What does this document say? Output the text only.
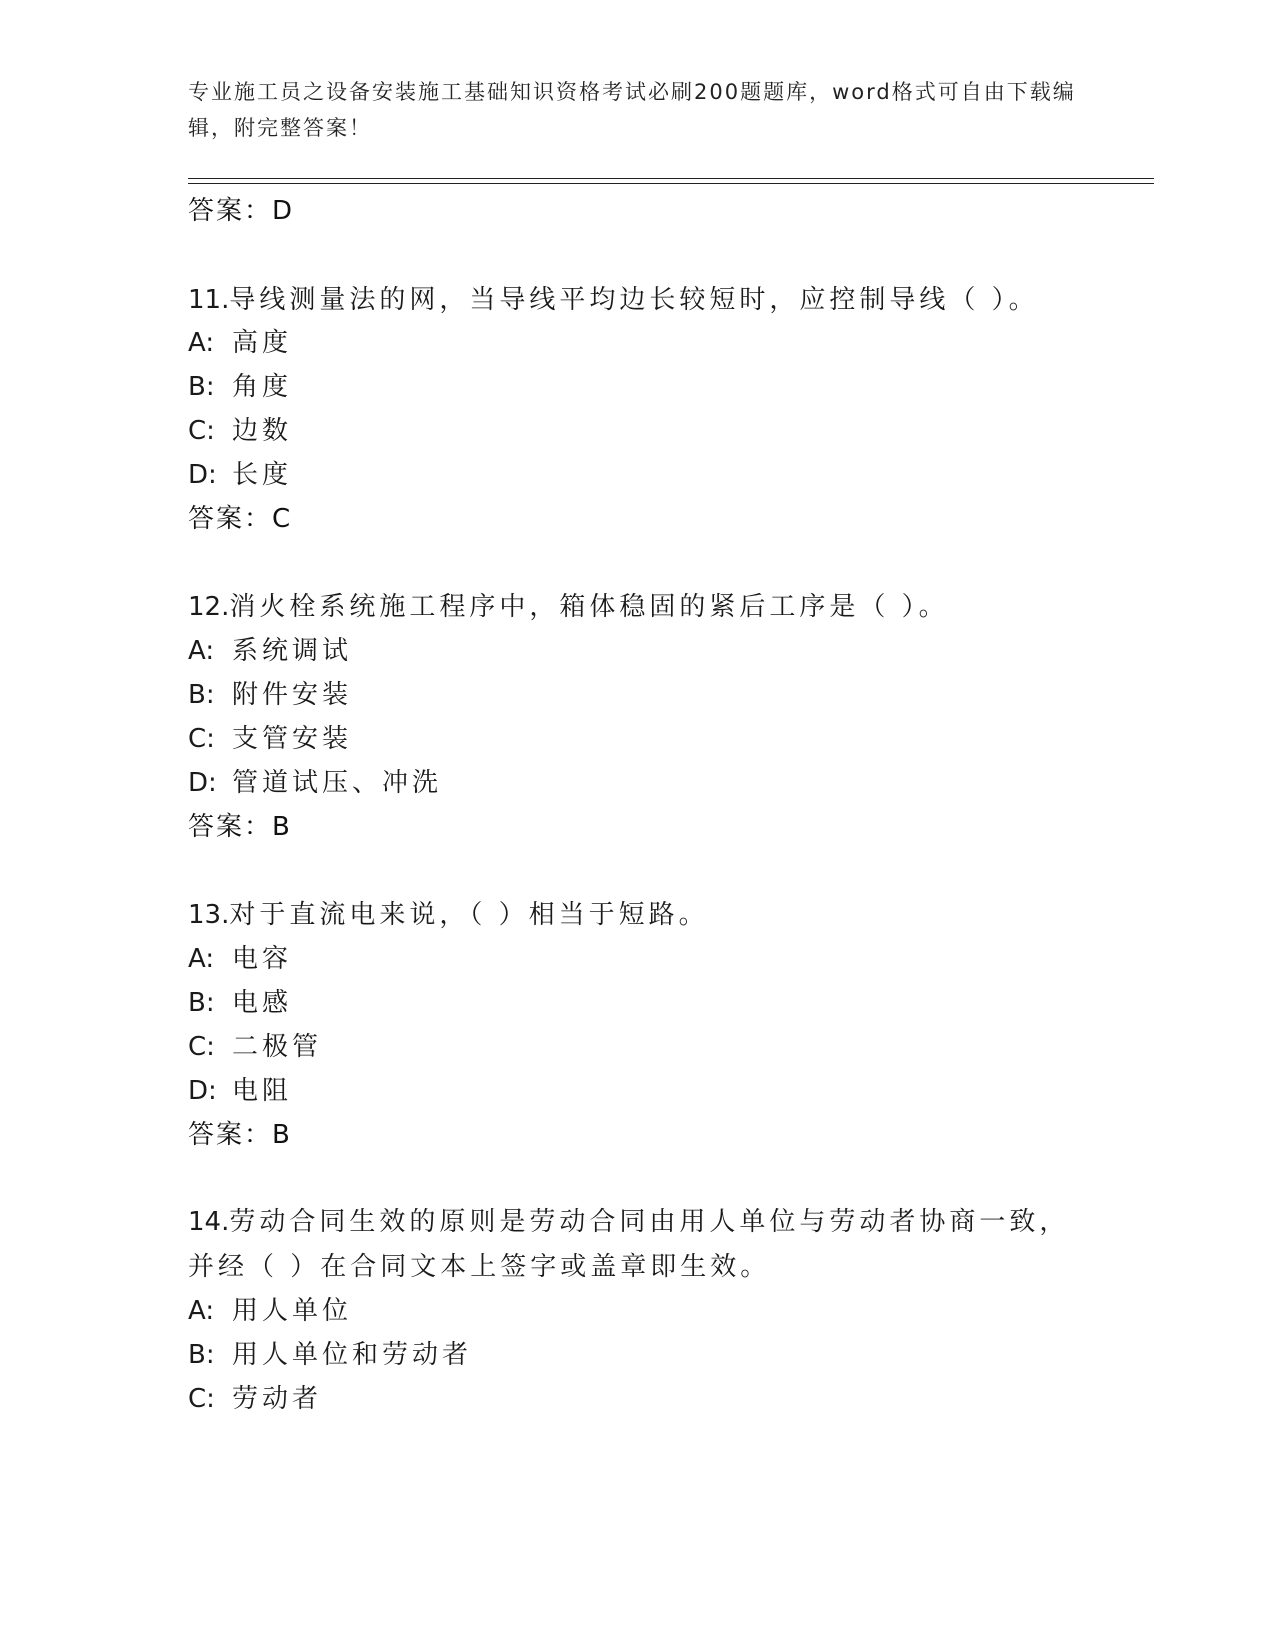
专业施工员之设备安装施工基础知识资格考试必刷200题题库，word格式可自由下载编辑，附完整答案！
答案：D
11.导线测量法的网，当导线平均边长较短时，应控制导线（ ）。
A: 高度
B: 角度
C: 边数
D: 长度
答案：C
12.消火栓系统施工程序中，箱体稳固的紧后工序是（ ）。
A: 系统调试
B: 附件安装
C: 支管安装
D: 管道试压、冲洗
答案：B
13.对于直流电来说，（ ）相当于短路。
A: 电容
B: 电感
C: 二极管
D: 电阻
答案：B
14.劳动合同生效的原则是劳动合同由用人单位与劳动者协商一致，并经（ ）在合同文本上签字或盖章即生效。
A: 用人单位
B: 用人单位和劳动者
C: 劳动者
